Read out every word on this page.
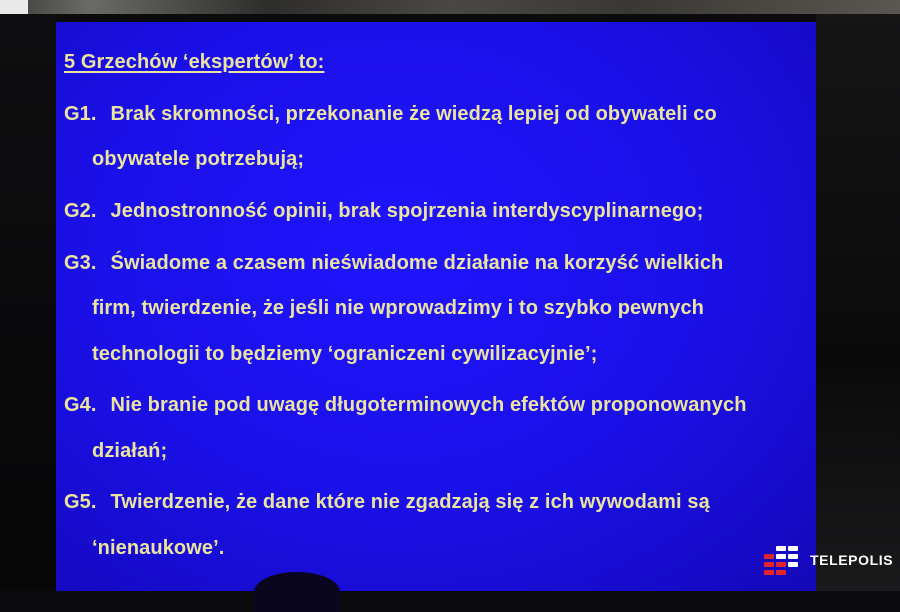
5 Grzechów ‘ekspertów’ to:
G1. Brak skromności, przekonanie że wiedzą lepiej od obywateli co
obywatele potrzebują;
G2. Jednostronność opinii, brak spojrzenia interdyscyplinarnego;
G3. Świadome a czasem nieświadome działanie na korzyść wielkich
firm, twierdzenie, że jeśli nie wprowadzimy i to szybko pewnych
technologii to będziemy ‘ograniczeni cywilizacyjnie’;
G4. Nie branie pod uwagę długoterminowych efektów proponowanych
działań;
G5. Twierdzenie, że dane które nie zgadzają się z ich wywodami są
‘nienaukowe’.
TELEPOLIS
